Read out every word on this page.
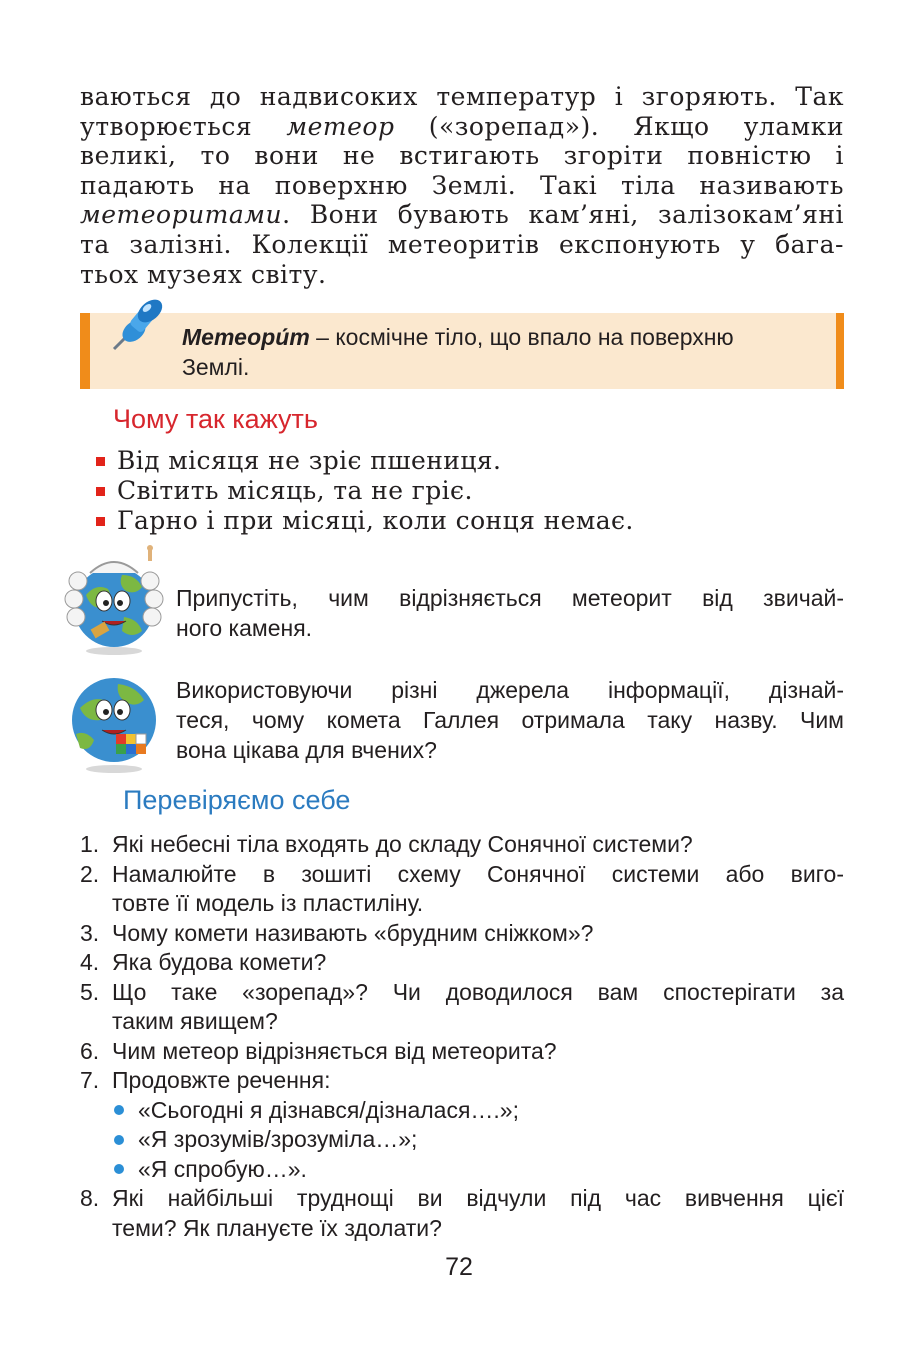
ваються до надвисоких температур і згоряють. Так
утворюється метеор («зорепад»). Якщо уламки
великі, то вони не встигають згоріти повністю і
падають на поверхню Землі. Такі тіла називають
метеоритами. Вони бувають кам’яні, залізокам’яні
та залізні. Колекції метеоритів експонують у бага-
тьох музеях світу.
Метеори́т – космічне тіло, що впало на поверхню
Землі.
Чому так кажуть
Від місяця не зріє пшениця.
Світить місяць, та не гріє.
Гарно і при місяці, коли сонця немає.
Припустіть, чим відрізняється метеорит від звичай-
ного каменя.
Використовуючи різні джерела інформації, дізнай-
теся, чому комета Галлея отримала таку назву. Чим
вона цікава для вчених?
Перевіряємо себе
1. Які небесні тіла входять до складу Сонячної системи?
2. Намалюйте в зошиті схему Сонячної системи або виго-
товте її модель із пластиліну.
3. Чому комети називають «брудним сніжком»?
4. Яка будова комети?
5. Що таке «зорепад»? Чи доводилося вам спостерігати за
таким явищем?
6. Чим метеор відрізняється від метеорита?
7. Продовжте речення:
«Сьогодні я дізнався/дізналася….»;
«Я зрозумів/зрозуміла…»;
«Я спробую…».
8. Які найбільші труднощі ви відчули під час вивчення цієї
теми? Як плануєте їх здолати?
72
